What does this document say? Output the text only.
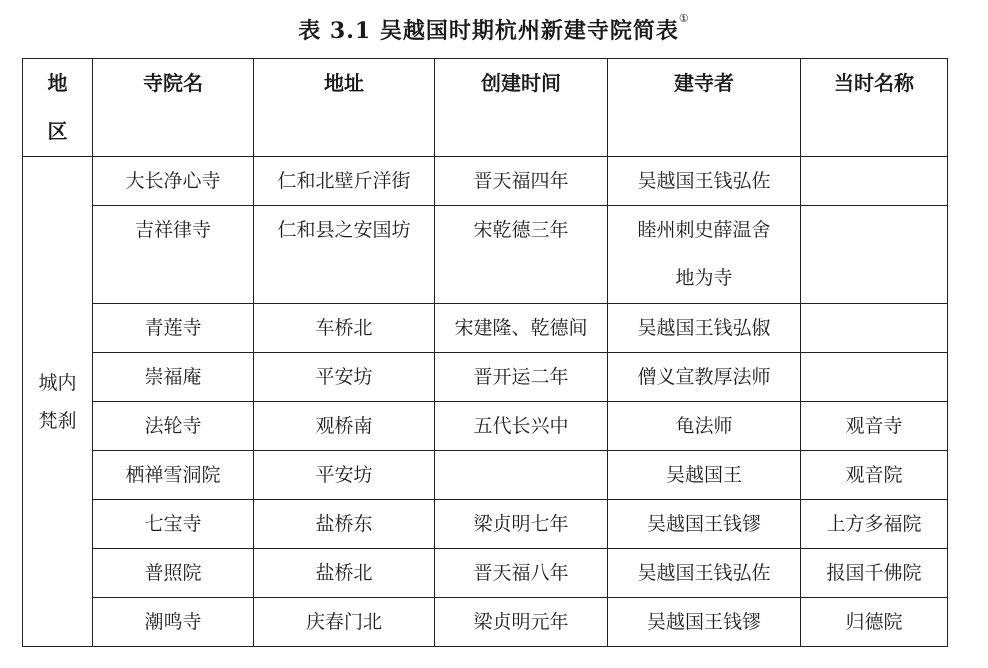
表 3.1 吴越国时期杭州新建寺院简表①
地
区	寺院名	地址	创建时间	建寺者	当时名称

城内
梵刹	大长净心寺	仁和北壁斤洋街	晋天福四年	吴越国王钱弘佐	
	吉祥律寺	仁和县之安国坊	宋乾德三年	睦州刺史薛温舍
地为寺	

	青莲寺	车桥北	宋建隆、乾德间	吴越国王钱弘俶	
	崇福庵	平安坊	晋开运二年	僧义宣教厚法师	
	法轮寺	观桥南	五代长兴中	龟法师	观音寺
	栖禅雪洞院	平安坊		吴越国王	观音院
	七宝寺	盐桥东	梁贞明七年	吴越国王钱镠	上方多福院
	普照院	盐桥北	晋天福八年	吴越国王钱弘佐	报国千佛院
	潮鸣寺	庆春门北	梁贞明元年	吴越国王钱镠	归德院
